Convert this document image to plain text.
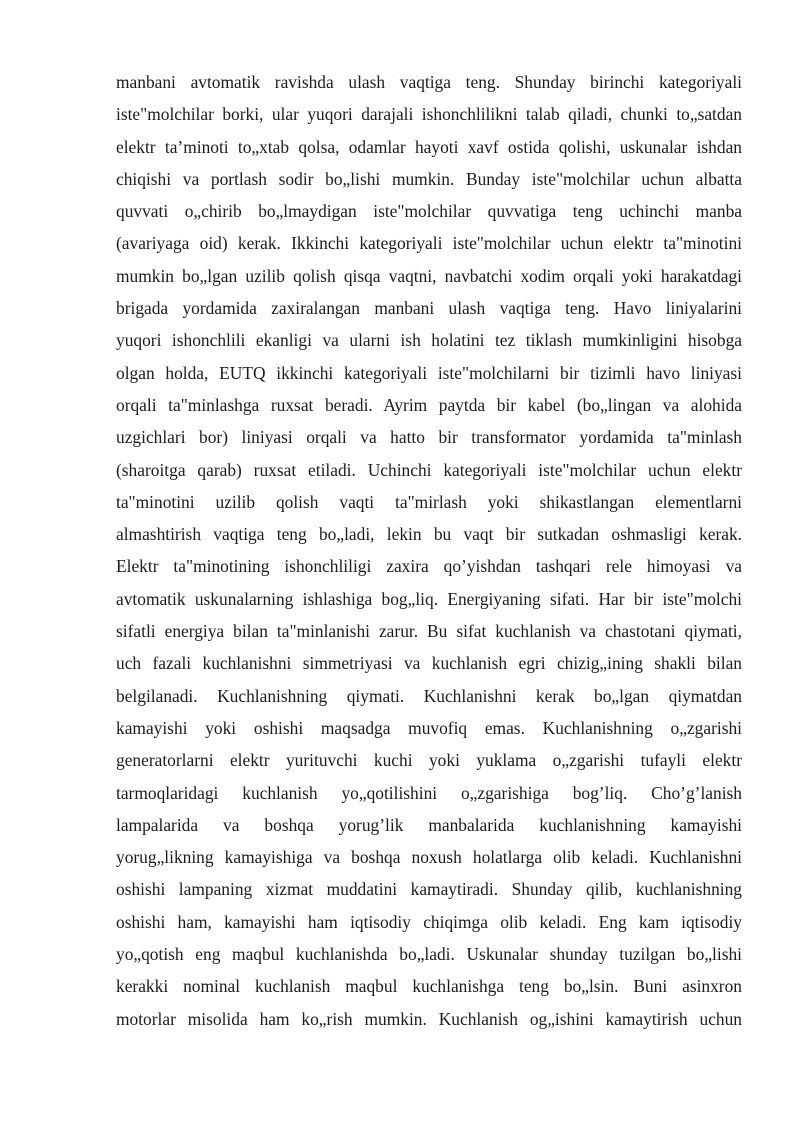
manbani avtomatik ravishda ulash vaqtiga teng. Shunday birinchi kategoriyali
iste"molchilar borki, ular yuqori darajali ishonchlilikni talab qiladi, chunki to„satdan
elektr ta’minoti to„xtab qolsa, odamlar hayoti xavf ostida qolishi, uskunalar ishdan
chiqishi va portlash sodir bo„lishi mumkin. Bunday iste"molchilar uchun albatta
quvvati o„chirib bo„lmaydigan iste"molchilar quvvatiga teng uchinchi manba
(avariyaga oid) kerak. Ikkinchi kategoriyali iste"molchilar uchun elektr ta"minotini
mumkin bo„lgan uzilib qolish qisqa vaqtni, navbatchi xodim orqali yoki harakatdagi
brigada yordamida zaxiralangan manbani ulash vaqtiga teng. Havo liniyalarini
yuqori ishonchlili ekanligi va ularni ish holatini tez tiklash mumkinligini hisobga
olgan holda, EUTQ ikkinchi kategoriyali iste"molchilarni bir tizimli havo liniyasi
orqali ta"minlashga ruxsat beradi. Ayrim paytda bir kabel (bo„lingan va alohida
uzgichlari bor) liniyasi orqali va hatto bir transformator yordamida ta"minlash
(sharoitga qarab) ruxsat etiladi. Uchinchi kategoriyali iste"molchilar uchun elektr
ta"minotini uzilib qolish vaqti ta"mirlash yoki shikastlangan elementlarni
almashtirish vaqtiga teng bo„ladi, lekin bu vaqt bir sutkadan oshmasligi kerak.
Elektr ta"minotining ishonchliligi zaxira qo’yishdan tashqari rele himoyasi va
avtomatik uskunalarning ishlashiga bog„liq. Energiyaning sifati. Har bir iste"molchi
sifatli energiya bilan ta"minlanishi zarur. Bu sifat kuchlanish va chastotani qiymati,
uch fazali kuchlanishni simmetriyasi va kuchlanish egri chizig„ining shakli bilan
belgilanadi. Kuchlanishning qiymati. Kuchlanishni kerak bo„lgan qiymatdan
kamayishi yoki oshishi maqsadga muvofiq emas. Kuchlanishning o„zgarishi
generatorlarni elektr yurituvchi kuchi yoki yuklama o„zgarishi tufayli elektr
tarmoqlaridagi kuchlanish yo„qotilishini o„zgarishiga bog’liq. Cho’g’lanish
lampalarida va boshqa yorug’lik manbalarida kuchlanishning kamayishi
yorug„likning kamayishiga va boshqa noxush holatlarga olib keladi. Kuchlanishni
oshishi lampaning xizmat muddatini kamaytiradi. Shunday qilib, kuchlanishning
oshishi ham, kamayishi ham iqtisodiy chiqimga olib keladi. Eng kam iqtisodiy
yo„qotish eng maqbul kuchlanishda bo„ladi. Uskunalar shunday tuzilgan bo„lishi
kerakki nominal kuchlanish maqbul kuchlanishga teng bo„lsin. Buni asinxron
motorlar misolida ham ko„rish mumkin. Kuchlanish og„ishini kamaytirish uchun
